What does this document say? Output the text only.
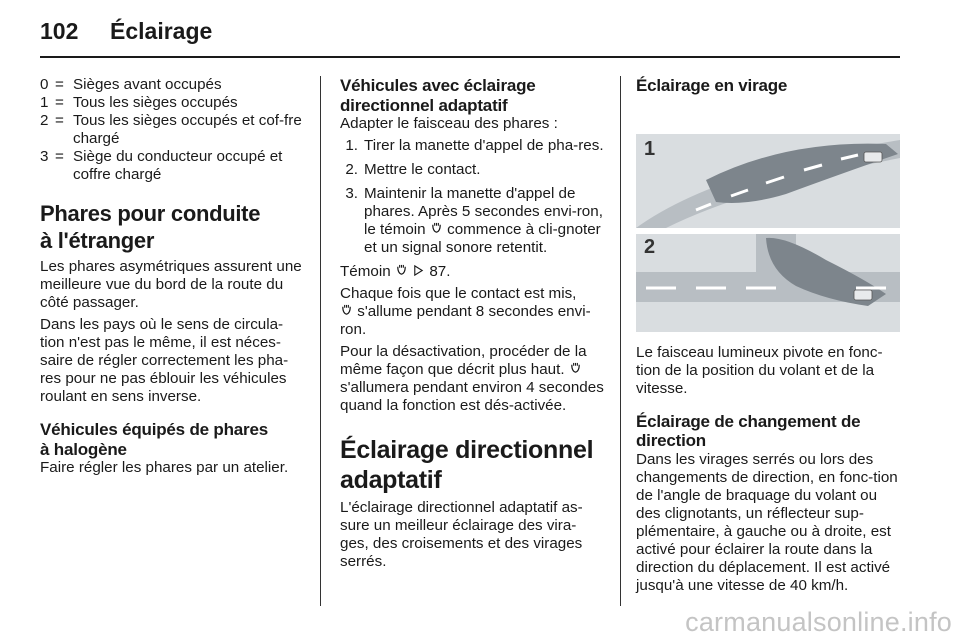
102	Éclairage
0 = Sièges avant occupés
1 = Tous les sièges occupés
2 = Tous les sièges occupés et cof-fre chargé
3 = Siège du conducteur occupé et coffre chargé
Phares pour conduite
à l'étranger

Les phares asymétriques assurent une meilleure vue du bord de la route du côté passager.

Dans les pays où le sens de circula-tion n'est pas le même, il est néces-saire de régler correctement les pha-res pour ne pas éblouir les véhicules roulant en sens inverse.

Véhicules équipés de phares
à halogène

Faire régler les phares par un atelier.

Véhicules avec éclairage
directionnel adaptatif

Adapter le faisceau des phares :

1. Tirer la manette d'appel de pha-res.
2. Mettre le contact.
3. Maintenir la manette d'appel de phares. Après 5 secondes envi-ron, le témoin commence à cli-gnoter et un signal sonore retentit.

Témoin	87.

Chaque fois que le contact est mis,
s'allume pendant 8 secondes envi-ron.

Pour la désactivation, procéder de la même façon que décrit plus haut.  s'allumera pendant environ 4 secondes quand la fonction est dés-activée.

Éclairage directionnel
adaptatif

L'éclairage directionnel adaptatif as-sure un meilleur éclairage des vira-ges, des croisements et des virages serrés.

Éclairage en virage
1
2

Le faisceau lumineux pivote en fonc-tion de la position du volant et de la vitesse.

Éclairage de changement de
direction

Dans les virages serrés ou lors des changements de direction, en fonc-tion de l'angle de braquage du volant ou des clignotants, un réflecteur sup-plémentaire, à gauche ou à droite, est activé pour éclairer la route dans la direction du déplacement. Il est activé jusqu'à une vitesse de 40 km/h.

carmanualsonline.info
